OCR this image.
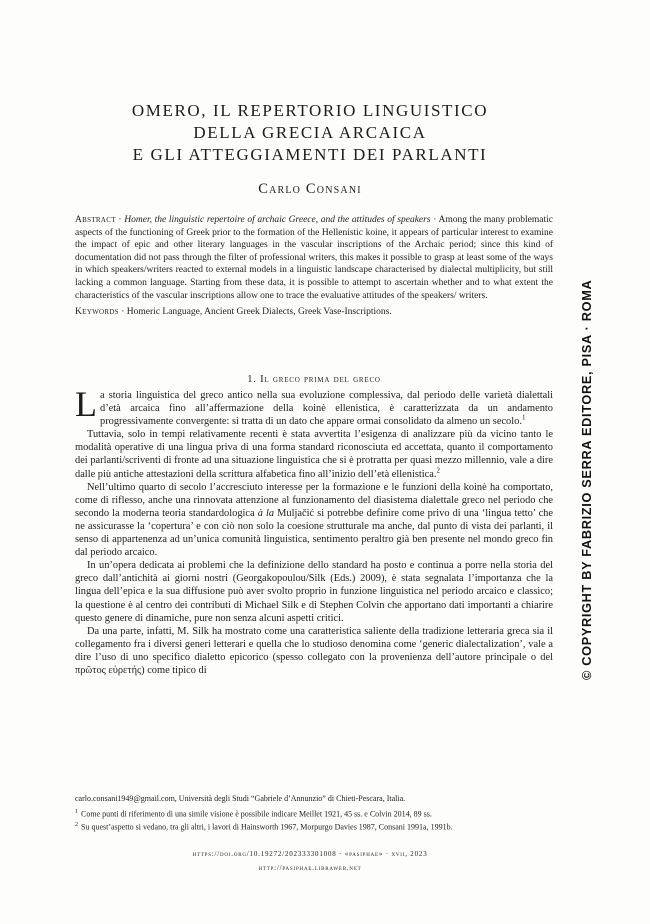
OMERO, IL REPERTORIO LINGUISTICO
DELLA GRECIA ARCAICA
E GLI ATTEGGIAMENTI DEI PARLANTI
Carlo Consani

Abstract · Homer, the linguistic repertoire of archaic Greece, and the attitudes of speakers · Among the many problematic aspects of the functioning of Greek prior to the formation of the Hellenistic koine, it appears of particular interest to examine the impact of epic and other literary languages in the vascular inscriptions of the Archaic period; since this kind of documentation did not pass through the filter of professional writers, this makes it possible to grasp at least some of the ways in which speakers/writers reacted to external models in a linguistic landscape characterised by dialectal multiplicity, but still lacking a common language. Starting from these data, it is possible to attempt to ascertain whether and to what extent the characteristics of the vascular inscriptions allow one to trace the evaluative attitudes of the speakers/ writers.

Keywords · Homeric Language, Ancient Greek Dialects, Greek Vase-Inscriptions.

1. Il greco prima del greco

La storia linguistica del greco antico nella sua evoluzione complessiva, dal periodo delle varietà dialettali d’età arcaica fino all’affermazione della koinè ellenistica, è caratterizzata da un andamento progressivamente convergente: si tratta di un dato che appare ormai consolidato da almeno un secolo.$^1$

Tuttavia, solo in tempi relativamente recenti è stata avvertita l’esigenza di analizzare più da vicino tanto le modalità operative di una lingua priva di una forma standard riconosciuta ed accettata, quanto il comportamento dei parlanti/scriventi di fronte ad una situazione linguistica che si è protratta per quasi mezzo millennio, vale a dire dalle più antiche attestazioni della scrittura alfabetica fino all’inizio dell’età ellenistica.$^2$

Nell’ultimo quarto di secolo l’accresciuto interesse per la formazione e le funzioni della koinè ha comportato, come di riflesso, anche una rinnovata attenzione al funzionamento del diasistema dialettale greco nel periodo che secondo la moderna teoria standardologica à la Muljačić si potrebbe definire come privo di una ‘lingua tetto’ che ne assicurasse la ‘copertura’ e con ciò non solo la coesione strutturale ma anche, dal punto di vista dei parlanti, il senso di appartenenza ad un’unica comunità linguistica, sentimento peraltro già ben presente nel mondo greco fin dal periodo arcaico.

In un’opera dedicata ai problemi che la definizione dello standard ha posto e continua a porre nella storia del greco dall’antichità ai giorni nostri (Georgakopoulou/Silk (Eds.) 2009), è stata segnalata l’importanza che la lingua dell’epica e la sua diffusione può aver svolto proprio in funzione linguistica nel periodo arcaico e classico; la questione è al centro dei contributi di Michael Silk e di Stephen Colvin che apportano dati importanti a chiarire questo genere di dinamiche, pure non senza alcuni aspetti critici.

Da una parte, infatti, M. Silk ha mostrato come una caratteristica saliente della tradizione letteraria greca sia il collegamento fra i diversi generi letterari e quella che lo studioso denomina come ‘generic dialectalization’, vale a dire l’uso di uno specifico dialetto epicorico (spesso collegato con la provenienza dell’autore principale o del πρῶτος εὑρετής) come tipico di

carlo.consani1949@gmail.com, Università degli Studi “Gabriele d’Annunzio” di Chieti-Pescara, Italia.

$^1$ Come punti di riferimento di una simile visione è possibile indicare Meillet 1921, 45 ss. e Colvin 2014, 89 ss.

$^2$ Su quest’aspetto si vedano, tra gli altri, i lavori di Hainsworth 1967, Morpurgo Davies 1987, Consani 1991a, 1991b.

https://doi.org/10.19272/202333301008 · «pasiphae» · xvii, 2023
http://pasiphae.libraweb.net
© COPYRIGHT BY FABRIZIO SERRA EDITORE, PISA · ROMA
